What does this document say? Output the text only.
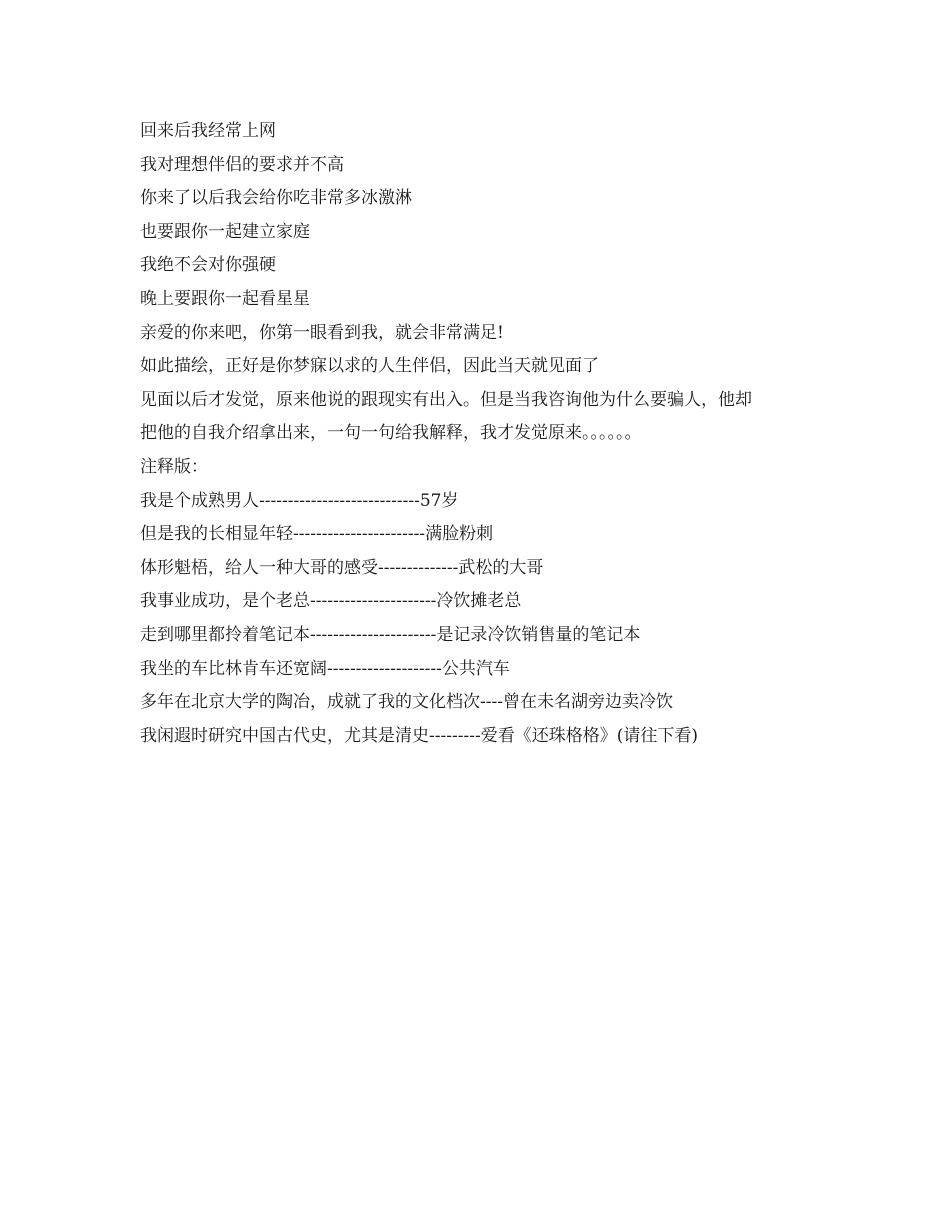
回来后我经常上网
我对理想伴侣的要求并不高
你来了以后我会给你吃非常多冰激淋
也要跟你一起建立家庭
我绝不会对你强硬
晚上要跟你一起看星星
亲爱的你来吧，你第一眼看到我，就会非常满足!
如此描绘，正好是你梦寐以求的人生伴侣，因此当天就见面了
见面以后才发觉，原来他说的跟现实有出入。但是当我咨询他为什么要骗人，他却
把他的自我介绍拿出来，一句一句给我解释，我才发觉原来。。。。。。
注释版：
我是个成熟男人----------------------------57岁
但是我的长相显年轻-----------------------满脸粉刺
体形魁梧，给人一种大哥的感受--------------武松的大哥
我事业成功，是个老总----------------------冷饮摊老总
走到哪里都拎着笔记本----------------------是记录冷饮销售量的笔记本
我坐的车比林肯车还宽阔--------------------公共汽车
多年在北京大学的陶冶，成就了我的文化档次----曾在未名湖旁边卖冷饮
我闲遐时研究中国古代史，尤其是清史---------爱看《还珠格格》(请往下看)
